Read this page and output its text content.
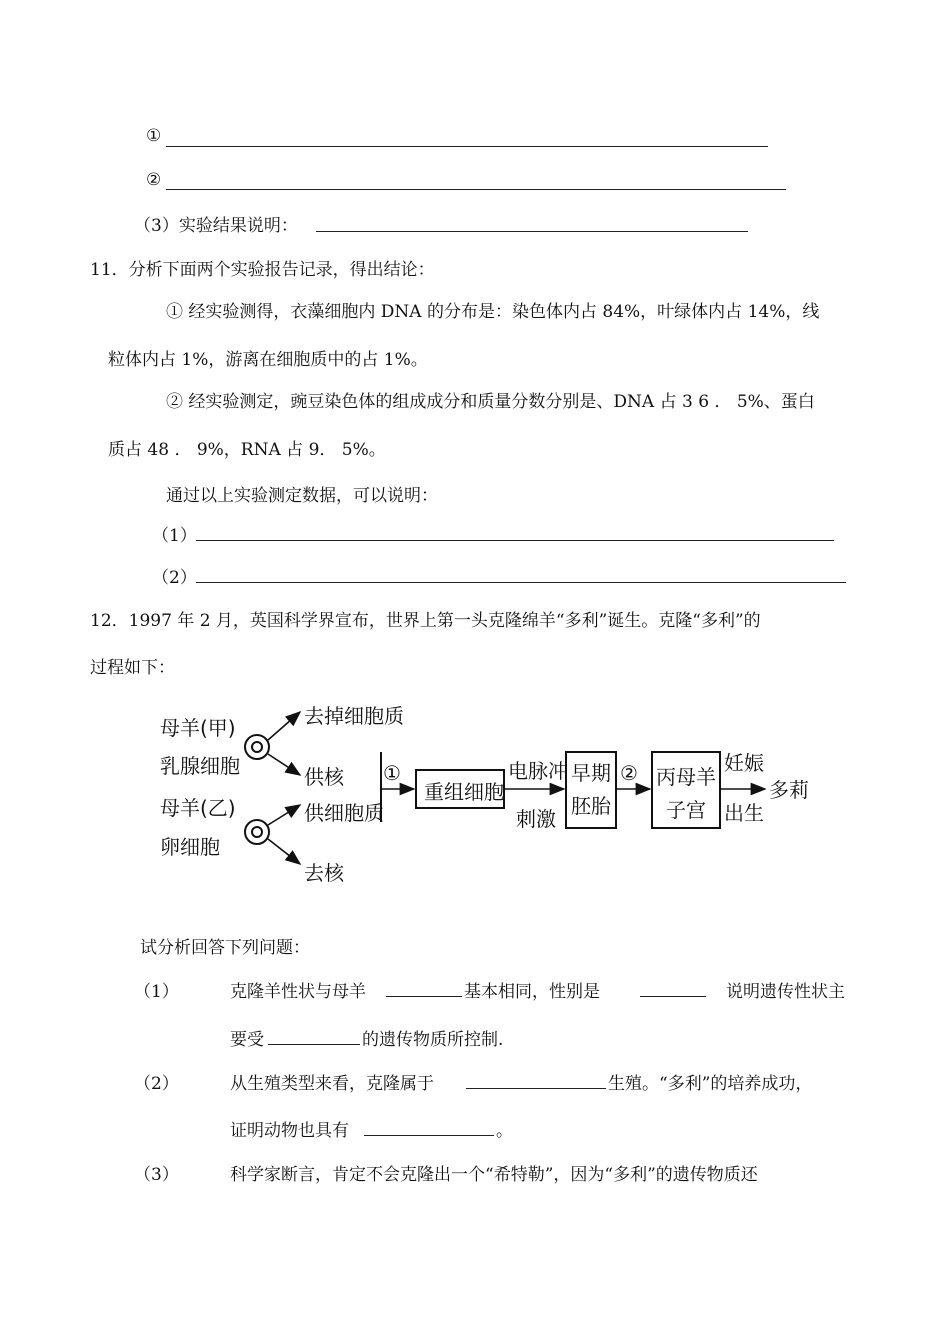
①
②
（3）实验结果说明：
11．分析下面两个实验报告记录，得出结论：
① 经实验测得，衣藻细胞内 DNA 的分布是：染色体内占 84%，叶绿体内占 14%，线
粒体内占 1%，游离在细胞质中的占 1%。
② 经实验测定，豌豆染色体的组成成分和质量分数分别是、DNA 占 3 6 ． 5%、蛋白
质占 48 ． 9%，RNA 占 9． 5%。
通过以上实验测定数据，可以说明：
（1）
（2）
12．1997 年 2 月，英国科学界宣布，世界上第一头克隆绵羊“多利”诞生。克隆“多利”的
过程如下：
母羊(甲)
乳腺细胞
母羊(乙)
卵细胞
去掉细胞质
供核
供细胞质
去核
①
重组细胞
电脉冲
刺激
早期
胚胎
② 丙母羊
子宫
妊娠
出生
多莉
试分析回答下列问题：
（1）	克隆羊性状与母羊	基本相同，性别是	说明遗传性状主
要受	的遗传物质所控制.
（2）	从生殖类型来看，克隆属于	生殖。“多利”的培养成功，
证明动物也具有	。
（3）	科学家断言，肯定不会克隆出一个“希特勒”，因为“多利”的遗传物质还
